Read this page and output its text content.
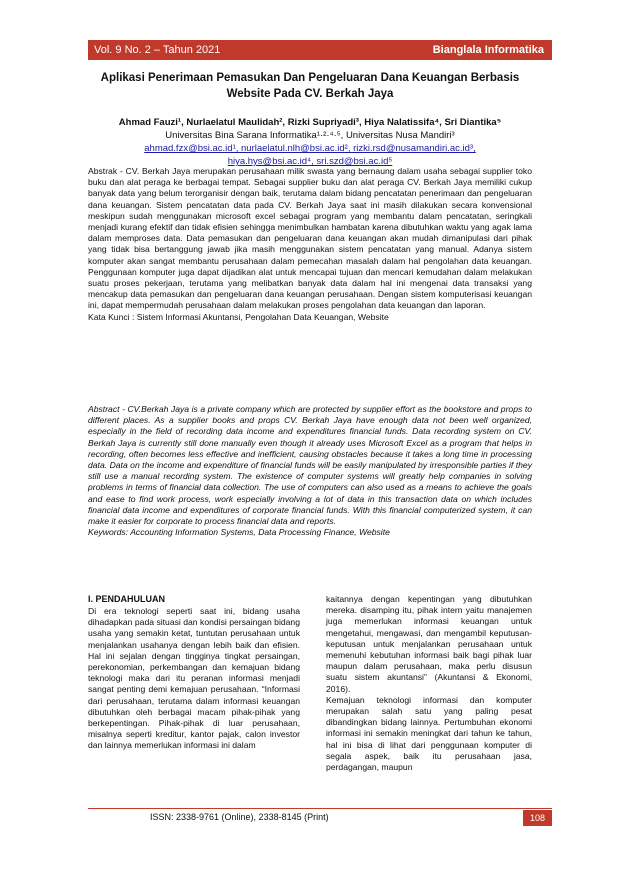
Vol. 9 No. 2 – Tahun 2021	Bianglala Informatika
Aplikasi Penerimaan Pemasukan Dan Pengeluaran Dana Keuangan Berbasis Website Pada CV. Berkah Jaya
Ahmad Fauzi¹, Nurlaelatul Maulidah², Rizki Supriyadi³, Hiya Nalatissifa⁴, Sri Diantika⁵
Universitas Bina Sarana Informatika¹·²·⁴·⁵, Universitas Nusa Mandiri³
ahmad.fzx@bsi.ac.id¹, nurlaelatul.nlh@bsi.ac.id², rizki.rsd@nusamandiri.ac.id³,
hiya.hys@bsi.ac.id⁴, sri.szd@bsi.ac.id⁵
Abstrak - CV. Berkah Jaya merupakan perusahaan milik swasta yang bernaung dalam usaha sebagai supplier toko buku dan alat peraga ke berbagai tempat. Sebagai supplier buku dan alat peraga CV. Berkah Jaya memiliki cukup banyak data yang belum terorganisir dengan baik, terutama dalam bidang pencatatan penerimaan dan pengeluaran dana keuangan. Sistem pencatatan data pada CV. Berkah Jaya saat ini masih dilakukan secara konvensional meskipun sudah menggunakan microsoft excel sebagai program yang membantu dalam pencatatan, seringkali menjadi kurang efektif dan tidak efisien sehingga menimbulkan hambatan karena dibutuhkan waktu yang agak lama dalam memproses data. Data pemasukan dan pengeluaran dana keuangan akan mudah dimanipulasi dari pihak yang tidak bisa bertanggung jawab jika masih menggunakan sistem pencatatan yang manual. Adanya sistem komputer akan sangat membantu perusahaan dalam pemecahan masalah dalam hal pengolahan data keuangan. Penggunaan komputer juga dapat dijadikan alat untuk mencapai tujuan dan mencari kemudahan dalam melakukan suatu proses pekerjaan, terutama yang melibatkan banyak data dalam hal ini mengenai data transaksi yang mencakup data pemasukan dan pengeluaran dana keuangan perusahaan. Dengan sistem komputerisasi keuangan ini, dapat mempermudah perusahaan dalam melakukan proses pengolahan data keuangan dan laporan.
Kata Kunci : Sistem Informasi Akuntansi, Pengolahan Data Keuangan, Website
Abstract - CV.Berkah Jaya is a private company which are protected by supplier effort as the bookstore and props to different places. As a supplier books and props CV. Berkah Jaya have enough data not been well organized, especially in the field of recording data income and expenditures financial funds. Data recording system on CV. Berkah Jaya is currently still done manually even though it already uses Microsoft Excel as a program that helps in recording, often becomes less effective and inefficient, causing obstacles because it takes a long time in processing data. Data on the income and expenditure of financial funds will be easily manipulated by irresponsible parties if they still use a manual recording system. The existence of computer systems will greatly help companies in solving problems in terms of financial data collection. The use of computers can also used as a means to achieve the goals and ease to find work process, work especially involving a lot of data in this transaction data on which includes financial data income and expenditures of corporate financial funds. With this financial computerized system, it can make it easier for corporate to process financial data and reports.
Keywords: Accounting Information Systems, Data Processing Finance, Website
I. PENDAHULUAN

Di era teknologi seperti saat ini, bidang usaha dihadapkan pada situasi dan kondisi persaingan bidang usaha yang semakin ketat, tuntutan perusahaan untuk menjalankan usahanya dengan lebih baik dan efisien. Hal ini sejalan dengan tingginya tingkat persaingan, perekonomian, perkembangan dan kemajuan bidang teknologi maka dari itu peranan informasi menjadi sangat penting demi kemajuan perusahaan. “Informasi dari perusahaan, terutama dalam informasi keuangan dibutuhkan oleh berbagai macam pihak-pihak yang berkepentingan. Pihak-pihak di luar perusahaan, misalnya seperti kreditur, kantor pajak, calon investor dan lainnya memerlukan informasi ini dalam

kaitannya dengan kepentingan yang dibutuhkan mereka. disamping itu, pihak intern yaitu manajemen juga memerlukan informasi keuangan untuk mengetahui, mengawasi, dan mengambil keputusan-keputusan untuk menjalankan perusahaan untuk memenuhi kebutuhan informasi baik bagi pihak luar maupun dalam perusahaan, maka perlu disusun suatu sistem akuntansi” (Akuntansi & Ekonomi, 2016).

Kemajuan teknologi informasi dan komputer merupakan salah satu yang paling pesat dibandingkan bidang lainnya. Pertumbuhan ekonomi informasi ini semakin meningkat dari tahun ke tahun, hal ini bisa di lihat dari penggunaan komputer di segala aspek, baik itu perusahaan jasa, perdagangan, maupun

ISSN: 2338-9761 (Online), 2338-8145 (Print)	108
